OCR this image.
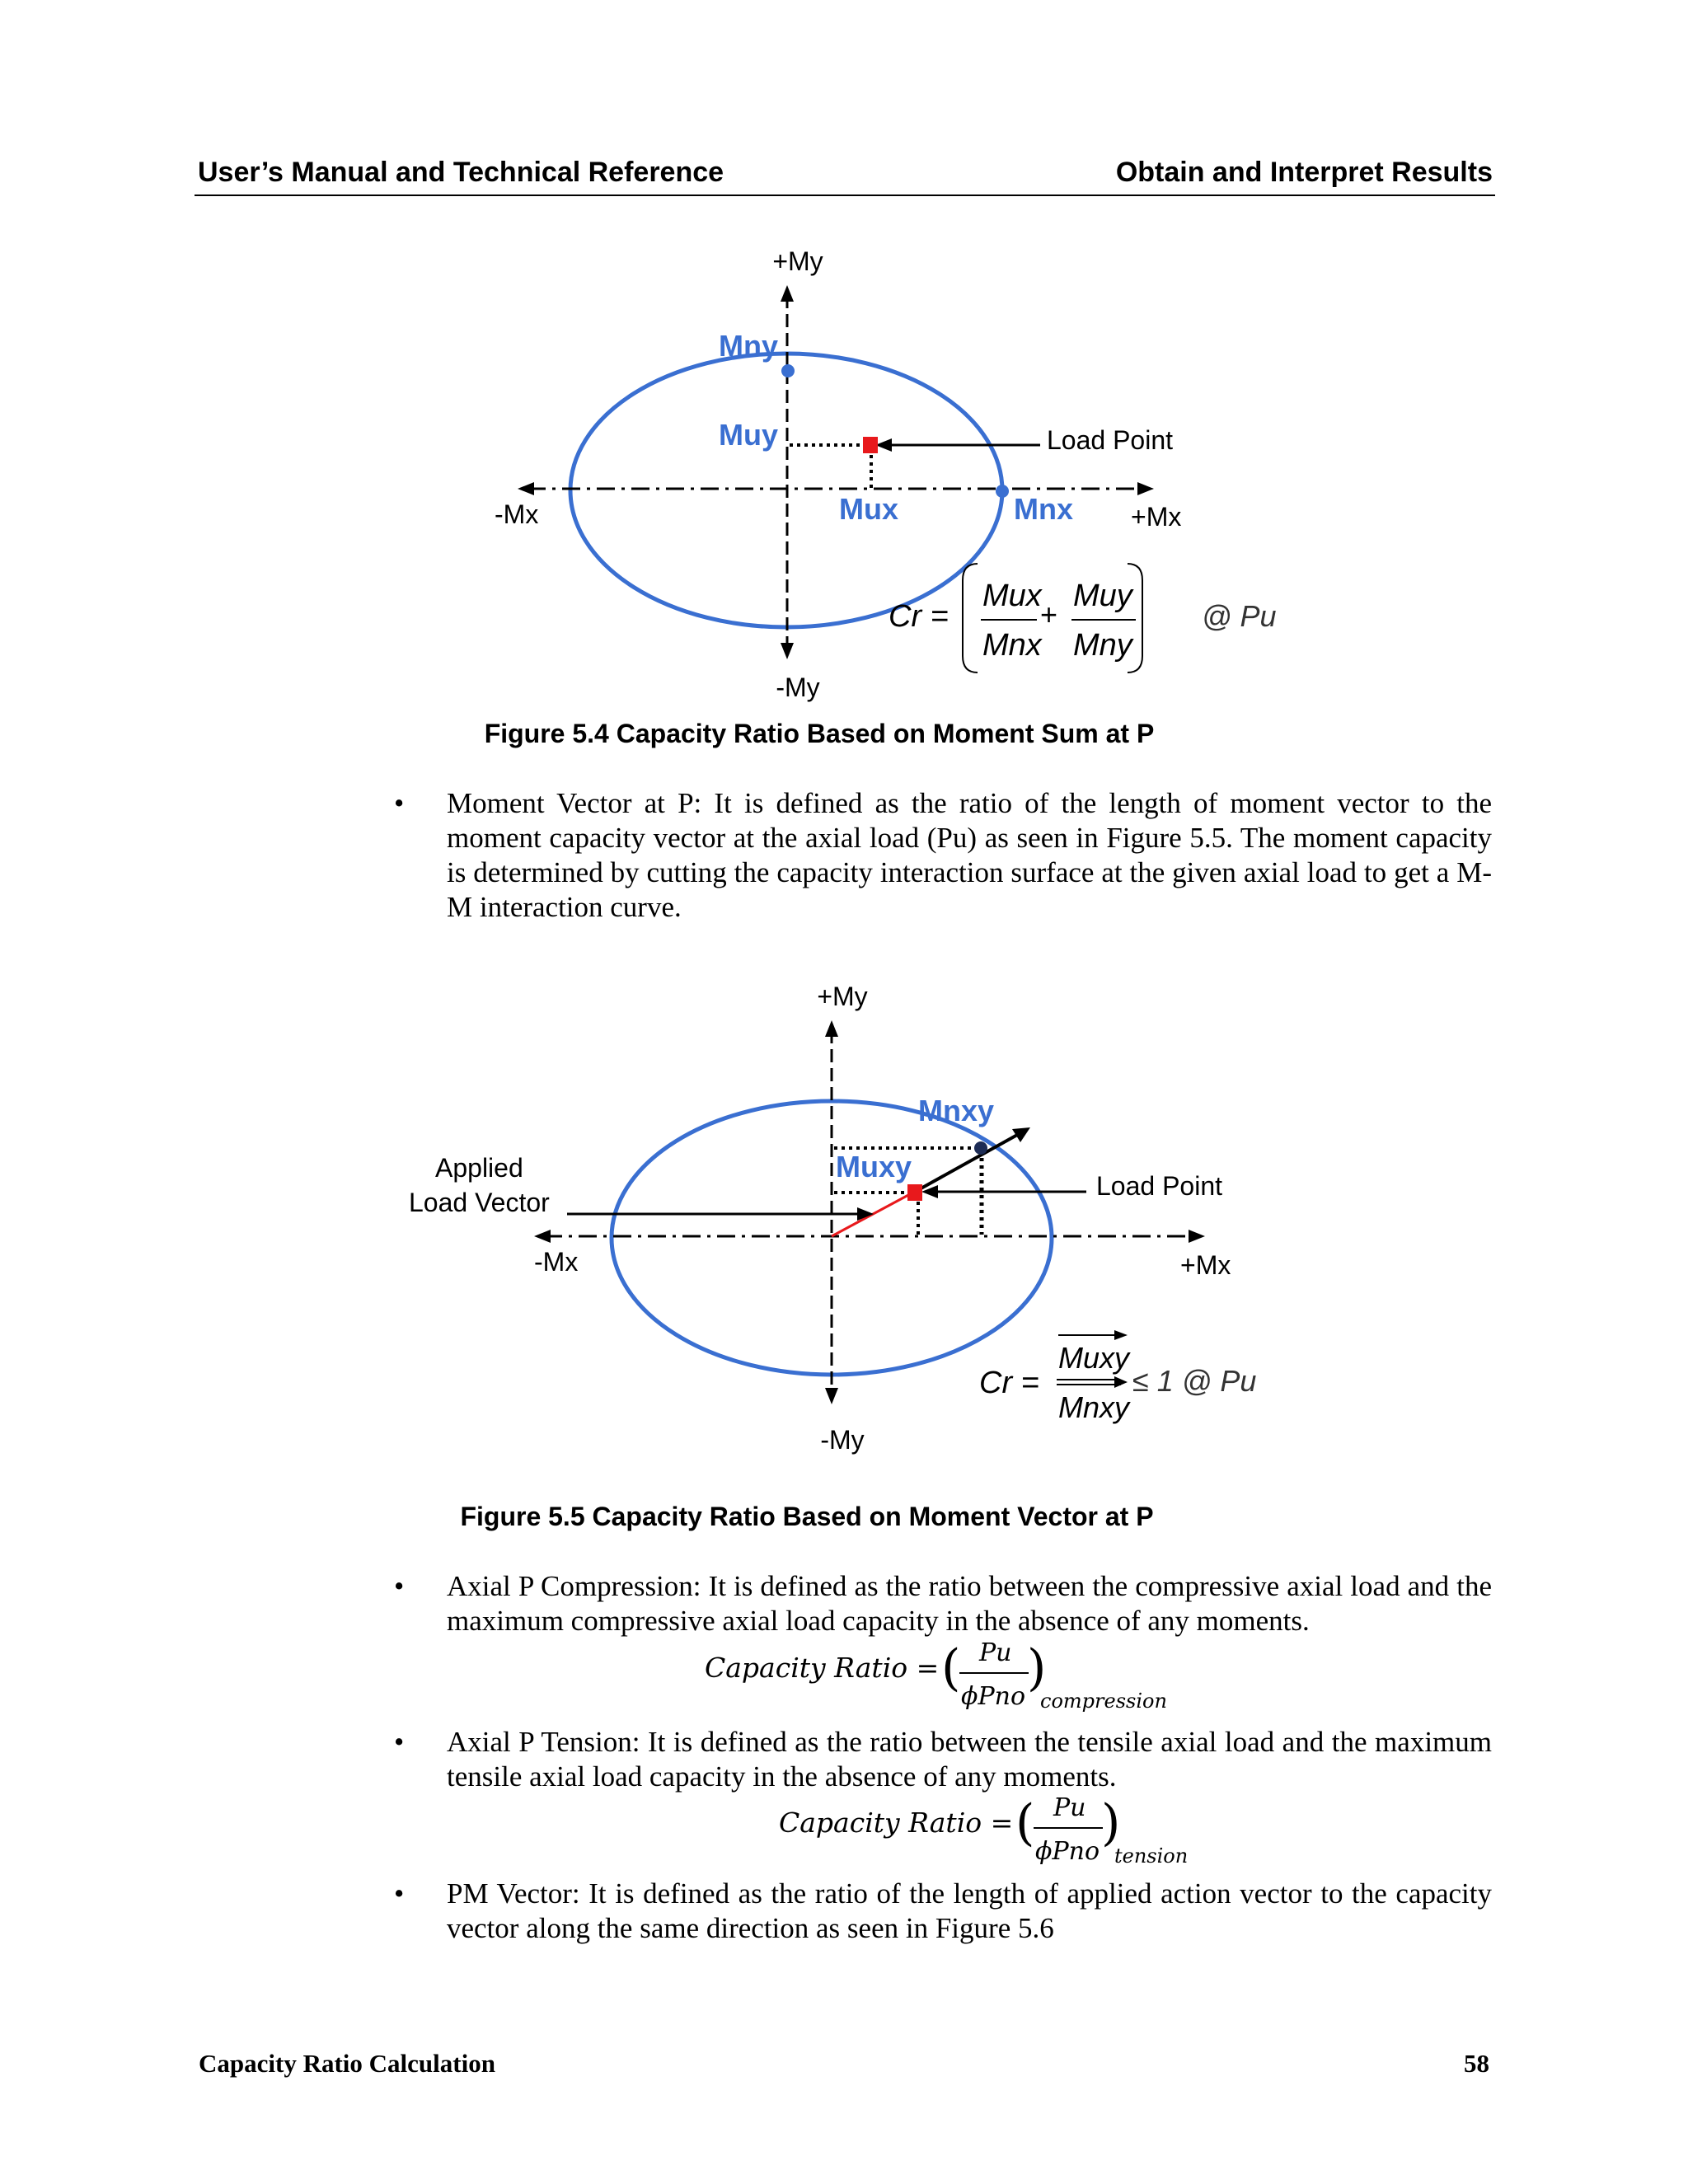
User’s Manual and Technical Reference	Obtain and Interpret Results
+My
-My
-Mx	+Mx
Mny
Muy
Mux	Mnx
Load Point
Cr =
Mux
Mnx
+
Muy
Mny
@ Pu
Figure 5.4 Capacity Ratio Based on Moment Sum at P
• Moment Vector at P: It is defined as the ratio of the length of moment vector to the moment capacity vector at the axial load (Pu) as seen in Figure 5.5. The moment capacity is determined by cutting the capacity interaction surface at the given axial load to get a M-M interaction curve.
+My
-My
-Mx	+Mx
Mnxy
Muxy
Applied
Load Vector
Load Point
Cr =
Muxy
Mnxy
≤ 1 @ Pu
Figure 5.5 Capacity Ratio Based on Moment Vector at P
• Axial P Compression: It is defined as the ratio between the compressive axial load and the maximum compressive axial load capacity in the absence of any moments.
Capacity Ratio = ( Pu
ϕPno )
compression
• Axial P Tension: It is defined as the ratio between the tensile axial load and the maximum tensile axial load capacity in the absence of any moments.
Capacity Ratio = ( Pu
ϕPno )
tension
• PM Vector: It is defined as the ratio of the length of applied action vector to the capacity vector along the same direction as seen in Figure 5.6
Capacity Ratio Calculation	58
